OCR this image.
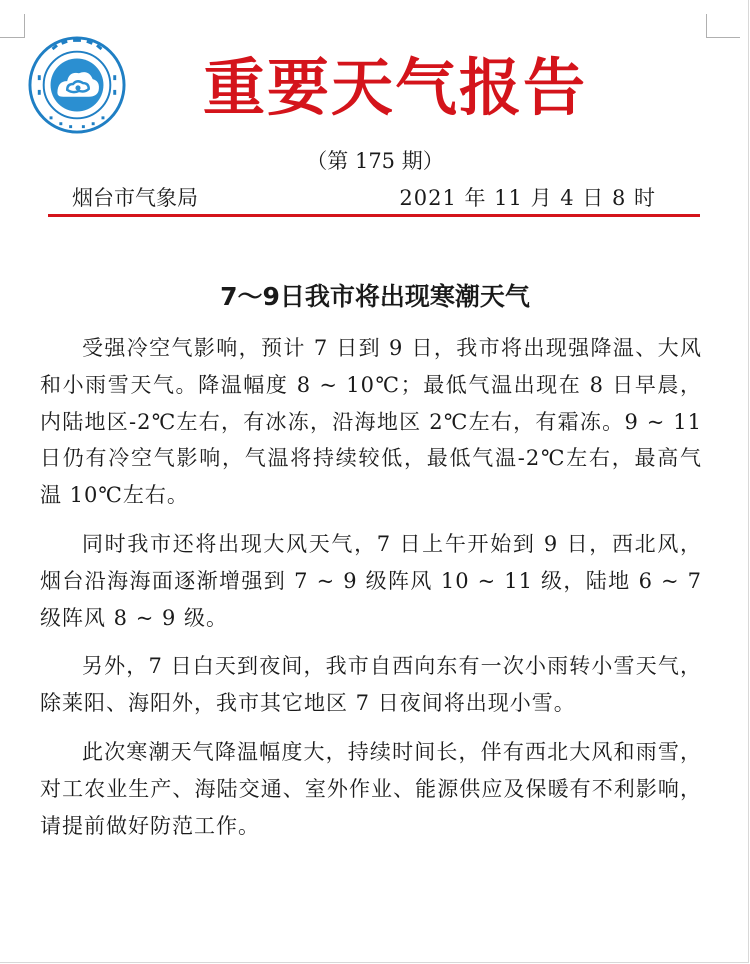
重要天气报告
（第 175 期）
烟台市气象局	2021 年 11 月 4 日 8 时
7～9日我市将出现寒潮天气

受强冷空气影响，预计 7 日到 9 日，我市将出现强降温、大风和小雨雪天气。降温幅度 8 ~ 10℃；最低气温出现在 8 日早晨，内陆地区-2℃左右，有冰冻，沿海地区 2℃左右，有霜冻。9 ~ 11 日仍有冷空气影响，气温将持续较低，最低气温-2℃左右，最高气温 10℃左右。

同时我市还将出现大风天气，7 日上午开始到 9 日，西北风，烟台沿海海面逐渐增强到 7 ~ 9 级阵风 10 ~ 11 级，陆地 6 ~ 7 级阵风 8 ~ 9 级。

另外，7 日白天到夜间，我市自西向东有一次小雨转小雪天气，除莱阳、海阳外，我市其它地区 7 日夜间将出现小雪。

此次寒潮天气降温幅度大，持续时间长，伴有西北大风和雨雪，对工农业生产、海陆交通、室外作业、能源供应及保暖有不利影响，请提前做好防范工作。
